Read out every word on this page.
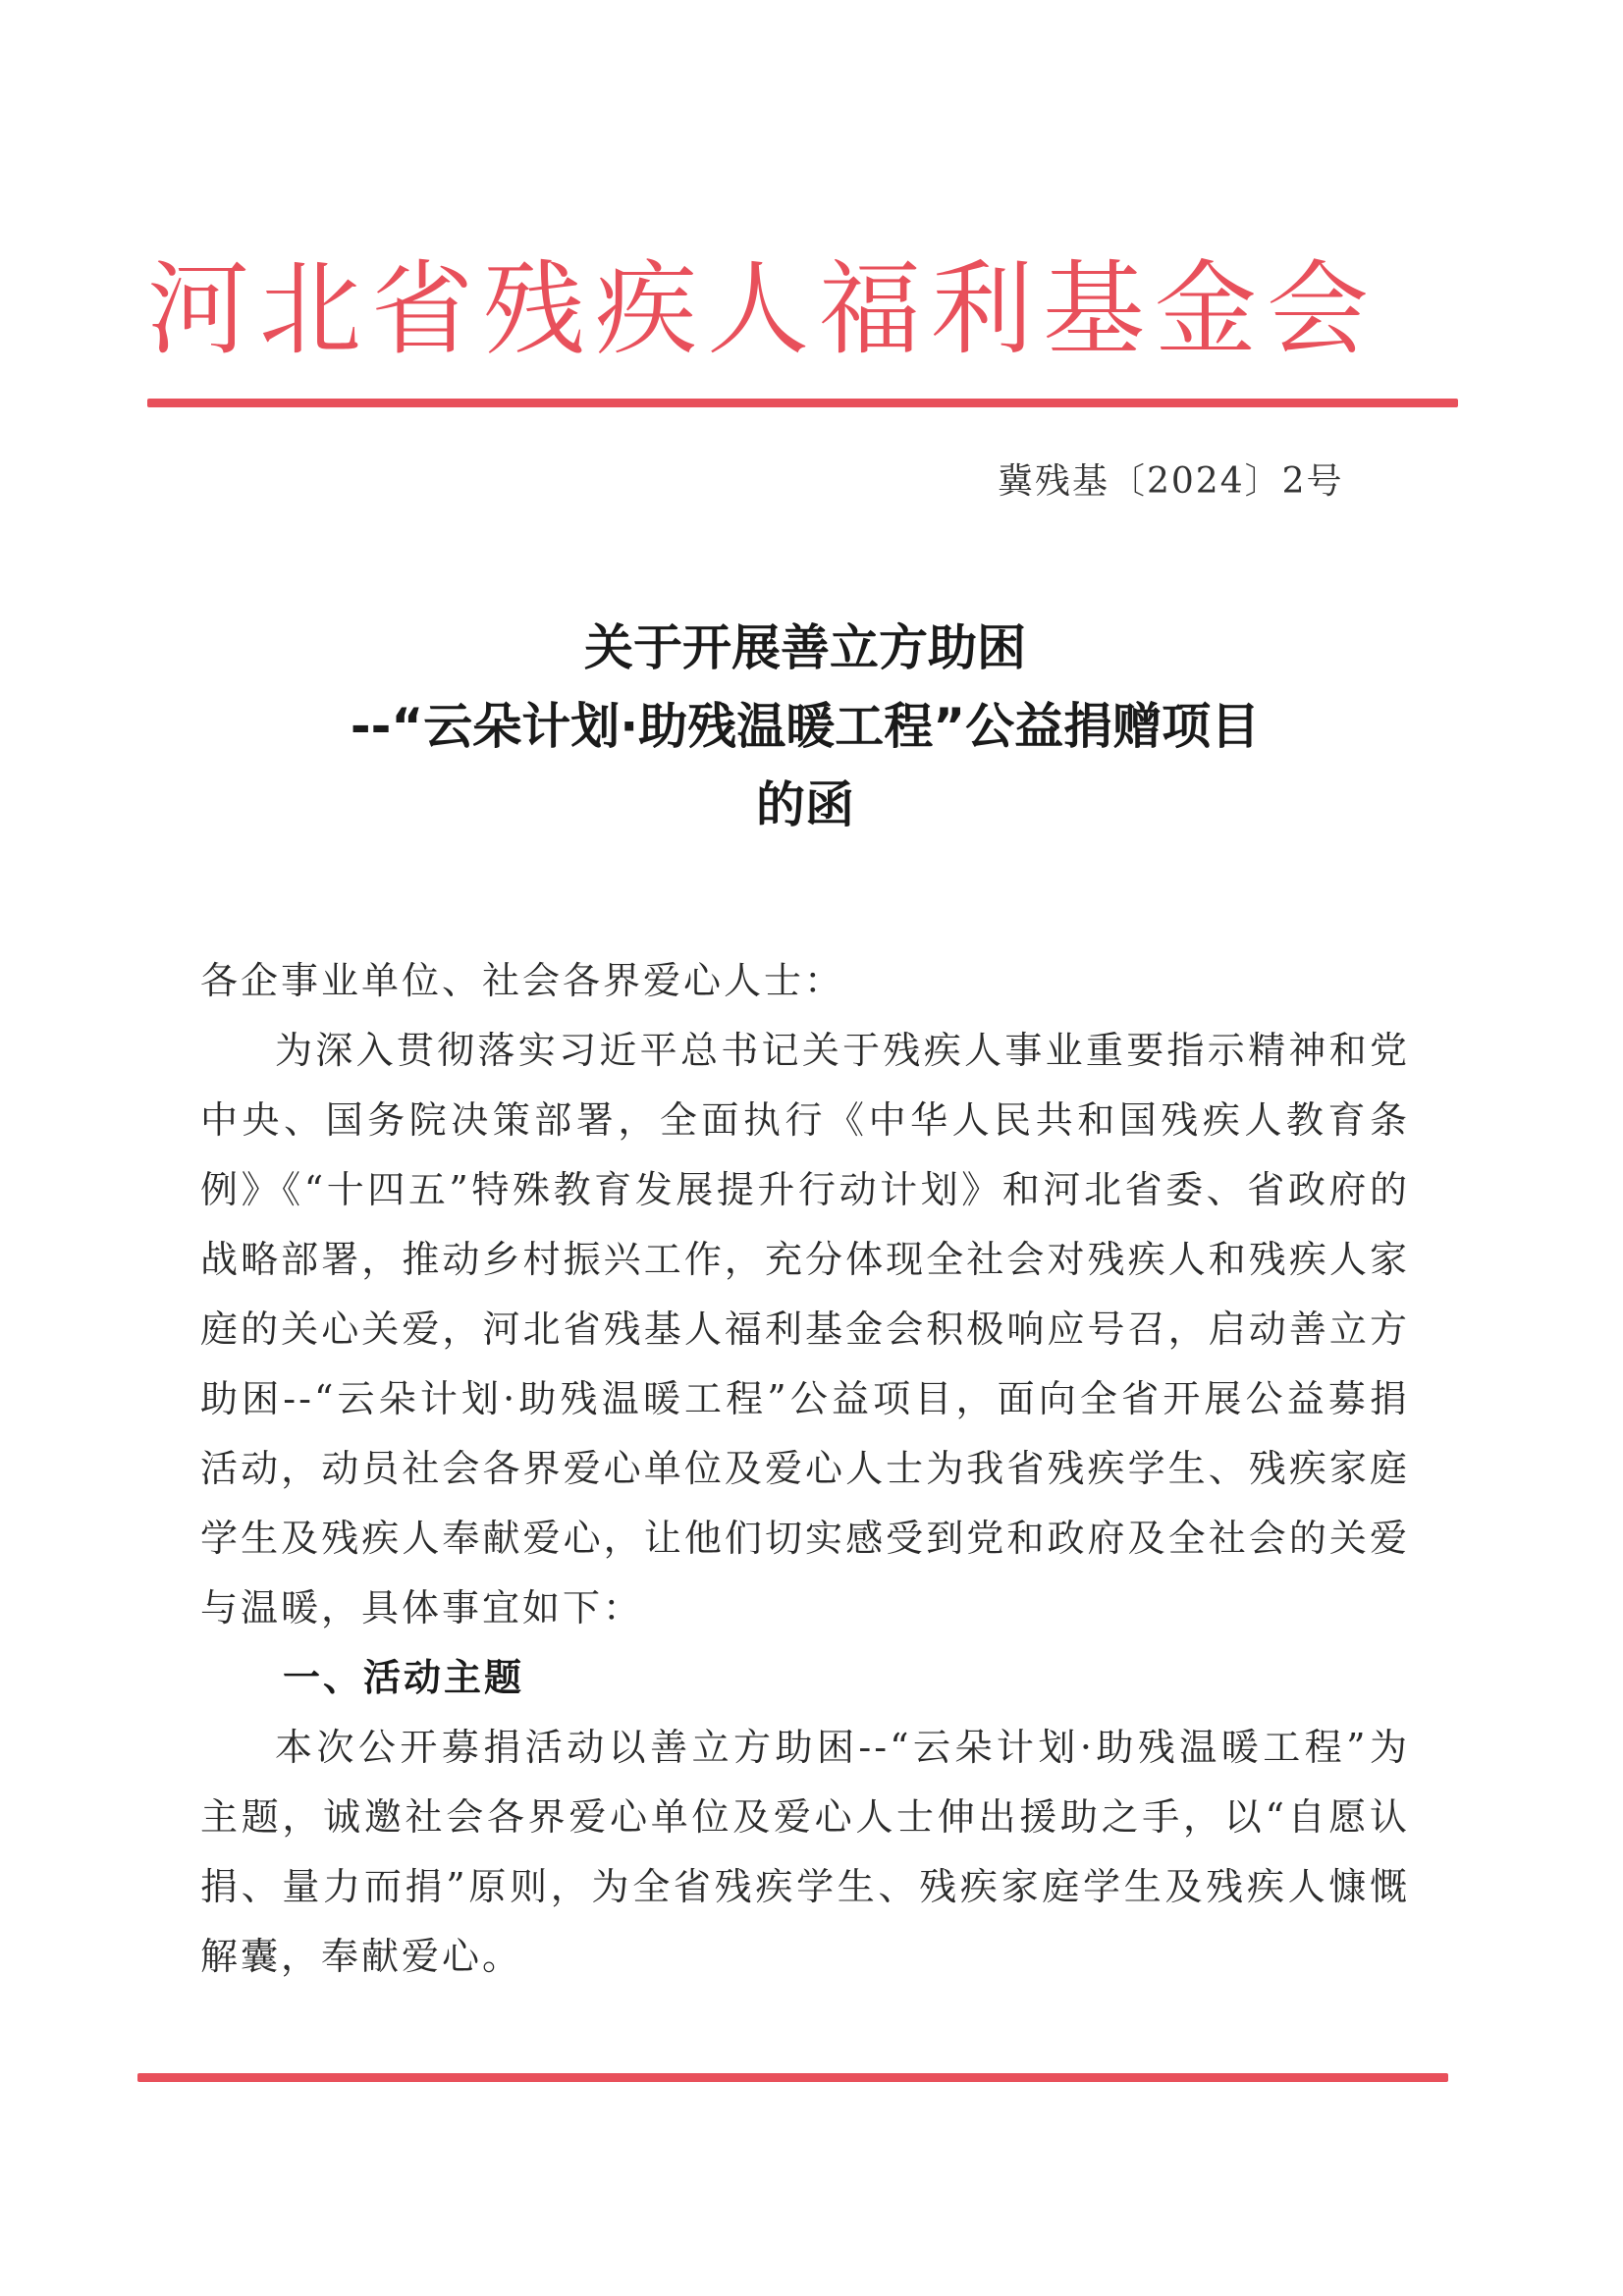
河北省残疾人福利基金会
冀残基〔2024〕2号
关于开展善立方助困
--“云朵计划·助残温暖工程”公益捐赠项目
的函

各企事业单位、社会各界爱心人士：

为深入贯彻落实习近平总书记关于残疾人事业重要指示精神和党中央、国务院决策部署，全面执行《中华人民共和国残疾人教育条例》《“十四五”特殊教育发展提升行动计划》和河北省委、省政府的战略部署，推动乡村振兴工作，充分体现全社会对残疾人和残疾人家庭的关心关爱，河北省残基人福利基金会积极响应号召，启动善立方助困--“云朵计划·助残温暖工程”公益项目，面向全省开展公益募捐活动，动员社会各界爱心单位及爱心人士为我省残疾学生、残疾家庭学生及残疾人奉献爱心，让他们切实感受到党和政府及全社会的关爱与温暖，具体事宜如下：

一、活动主题

本次公开募捐活动以善立方助困--“云朵计划·助残温暖工程”为主题，诚邀社会各界爱心单位及爱心人士伸出援助之手，以“自愿认捐、量力而捐”原则，为全省残疾学生、残疾家庭学生及残疾人慷慨解囊，奉献爱心。
